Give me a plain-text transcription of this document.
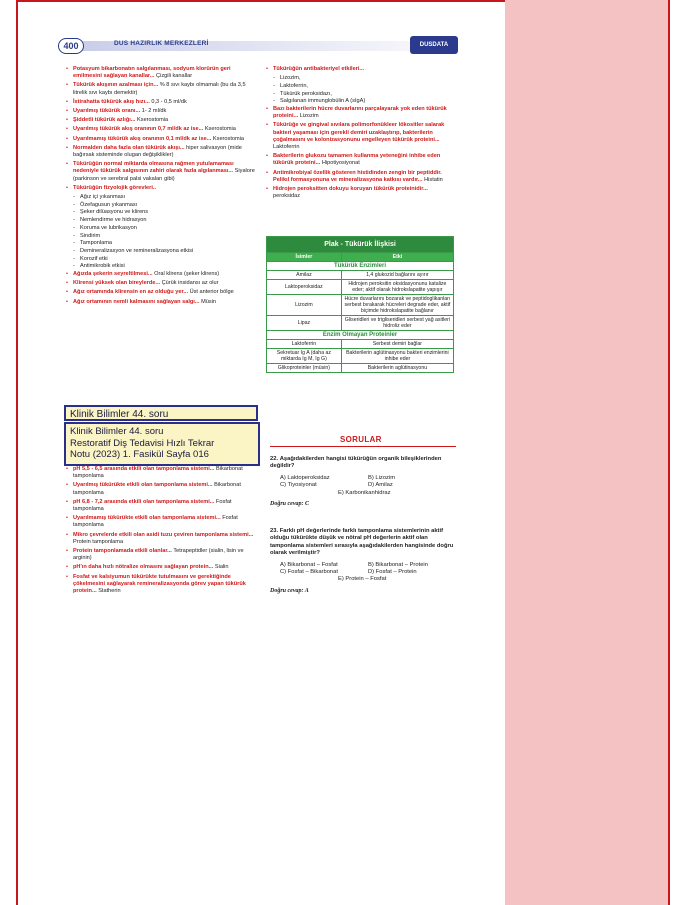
400	DUS HAZIRLIK MERKEZLERİ	DUSDATA
• Potasyum bikarbonatın salgılanması, sodyum klorürün geri emilmesini sağlayan kanallar... Çizgili kanallar
• Tükürük akışının azalması için... % 8 sıvı kaybı olmamalı (bu da 3,5 litrelik sıvı kaybı demektir)
• İstirahatta tükürük akış hızı... 0,3 - 0,5 ml/dk
• Uyarılmış tükürük oranı... 1- 2 ml/dk
• Şiddetli tükürük azlığı... Kserostomia
• Uyarılmış tükürük akış oranının 0,7 ml/dk az ise... Kserostomia
• Uyarılmamış tükürük akış oranının 0,1 ml/dk az ise... Kserostomia
• Normalden daha fazla olan tükürük akışı... hiper salivasyon (mide bağırsak sisteminde olugan değişiklikler)
• Tükürüğün normal miktarda olmasına rağmen yutulamaması nedeniyle tükürük salgısının zahiri olarak fazla algılanması... Siyalore (parkinson ve serebral palsi vakaları gibi)
• Tükürüğün fizyolojik görevleri..
- Ağız içi yıkanması
- Özefagusun yıkanması
- Şeker dilüasyonu ve klirens
- Nemlendirme ve hidrasyon
- Koruma ve lubrikasyon
- Sindirim
- Tamponlama
- Demineralizasyon ve remineralizasyona etkisi
- Korozif etki
- Antimikrobik etkisi
• Ağızda şekerin seyreltilmesi... Oral klirens (şeker klirens)
• Klirensi yüksek olan bireylerde... Çürük insidansı az olur
• Ağız ortamında klirensin en az olduğu yer... Üst anterior bölge
• Ağız ortamının nemli kalmasını sağlayan salgı... Müsin
• pH 5,5 - 6,5 arasında etkili olan tamponlama sistemi... Bikarbonat tamponlama
• Uyarılmış tükürükte etkili olan tamponlama sistemi... Bikarbonat tamponlama
• pH 6,8 - 7,2 arasında etkili olan tamponlama sistemi... Fosfat tamponlama
• Uyarılmamış tükürükte etkili olan tamponlama sistemi... Fosfat tamponlama
• Mikro çevrelerde etkili olan asidi tuzu çeviren tamponlama sistemi... Protein tamponlama
• Protein tamponlamada etkili olanlar... Tetrapeptidler (sialin, lisin ve arginin)
• pH'ın daha hızlı nötralize olmasını sağlayan protein... Sialin
• Fosfat ve kalsiyumun tükürükte tutulmasını ve gerektiğinde çökelmesini sağlayarak remineralizasyonda görev yapan tükürük protein... Statherin
• Tükürüğün antibakteriyel etkileri...
- Lizozim,
- Laktoferrin,
- Tükürük peroksidazı,
- Salgılanan immunglobülin A (sIgA)
• Bazı bakterilerin hücre duvarlarını parçalayarak yok eden tükürük proteini... Lizozim
• Tükürüğe ve gingival sıvılara polimorfonükleer lökositler salarak bakteri yaşaması için gerekli demiri uzaklaştırıp, bakterilerin çoğalmasını ve kolonizasyonunu engelleyen tükürük proteini... Laktoferrin
• Bakterilerin glukozu tamamen kullanma yeteneğini inhibe eden tükürük proteini... Hipotiyosiyonat
• Antimikrobiyal özellik gösteren histidinden zengin bir peptiddir. Pelikıl formasyonuna ve mineralizasyona katkısı vardır... Histatin
• Hidrojen peroksitten dokuyu koruyan tükürük proteinidir... peroksidaz
Plak - Tükürük İlişkisi	
İsimler	Etki
Tükürük Enzimleri	
Amilaz	1,4 glukozid bağlarını ayırır
Laktoperoksidaz	Hidrojen peroksitin oksidasyonunu katalize eder; aktif olarak hidrokslapatite yapışır
Lizozim	Hücre duvarlarını bozarak ve peptidoglikanları serbest bırakarak hücreleri degrade eder, aktif biçimde hidrokslapatite bağlanır
Lipaz	Gliseridleri ve trigliseridleri serbest yağ asitleri hidroliz eder
Enzim Olmayan Proteinler	
Laktoferrin	Serbest demiri bağlar
Sekretuar Ig A (daha az miktarda Ig M, Ig G)	Bakterilerin aglütinasyonu bakteri enzimlerini inhibe eder
Glikoproteinler (müsin)	Bakterilerin aglütinasyonu
SORULAR
22. Aşağıdakilerden hangisi tükürüğün organik bileşiklerinden değildir?
A) Laktoperoksidaz	B) Lizozim
C) Tiyosiyonat	D) Amilaz
E) Karbonikanhidraz
Doğru cevap: C
23. Farklı pH değerlerinde farklı tamponlama sistemlerinin aktif olduğu tükürükte düşük ve nötral pH değerlerin aktif olan tamponlama sistemleri sırasıyla aşağıdakilerden hangisinde doğru olarak verilmiştir?
A) Bikarbonat – Fosfat	B) Bikarbonat – Protein
C) Fosfat – Bikarbonat	D) Fosfat – Protein
E) Protein – Fosfat
Doğru cevap: A
Klinik Bilimler 44. soru
Klinik Bilimler 44. soru
Restoratif Diş Tedavisi Hızlı Tekrar
Notu (2023) 1. Fasikül Sayfa 016
